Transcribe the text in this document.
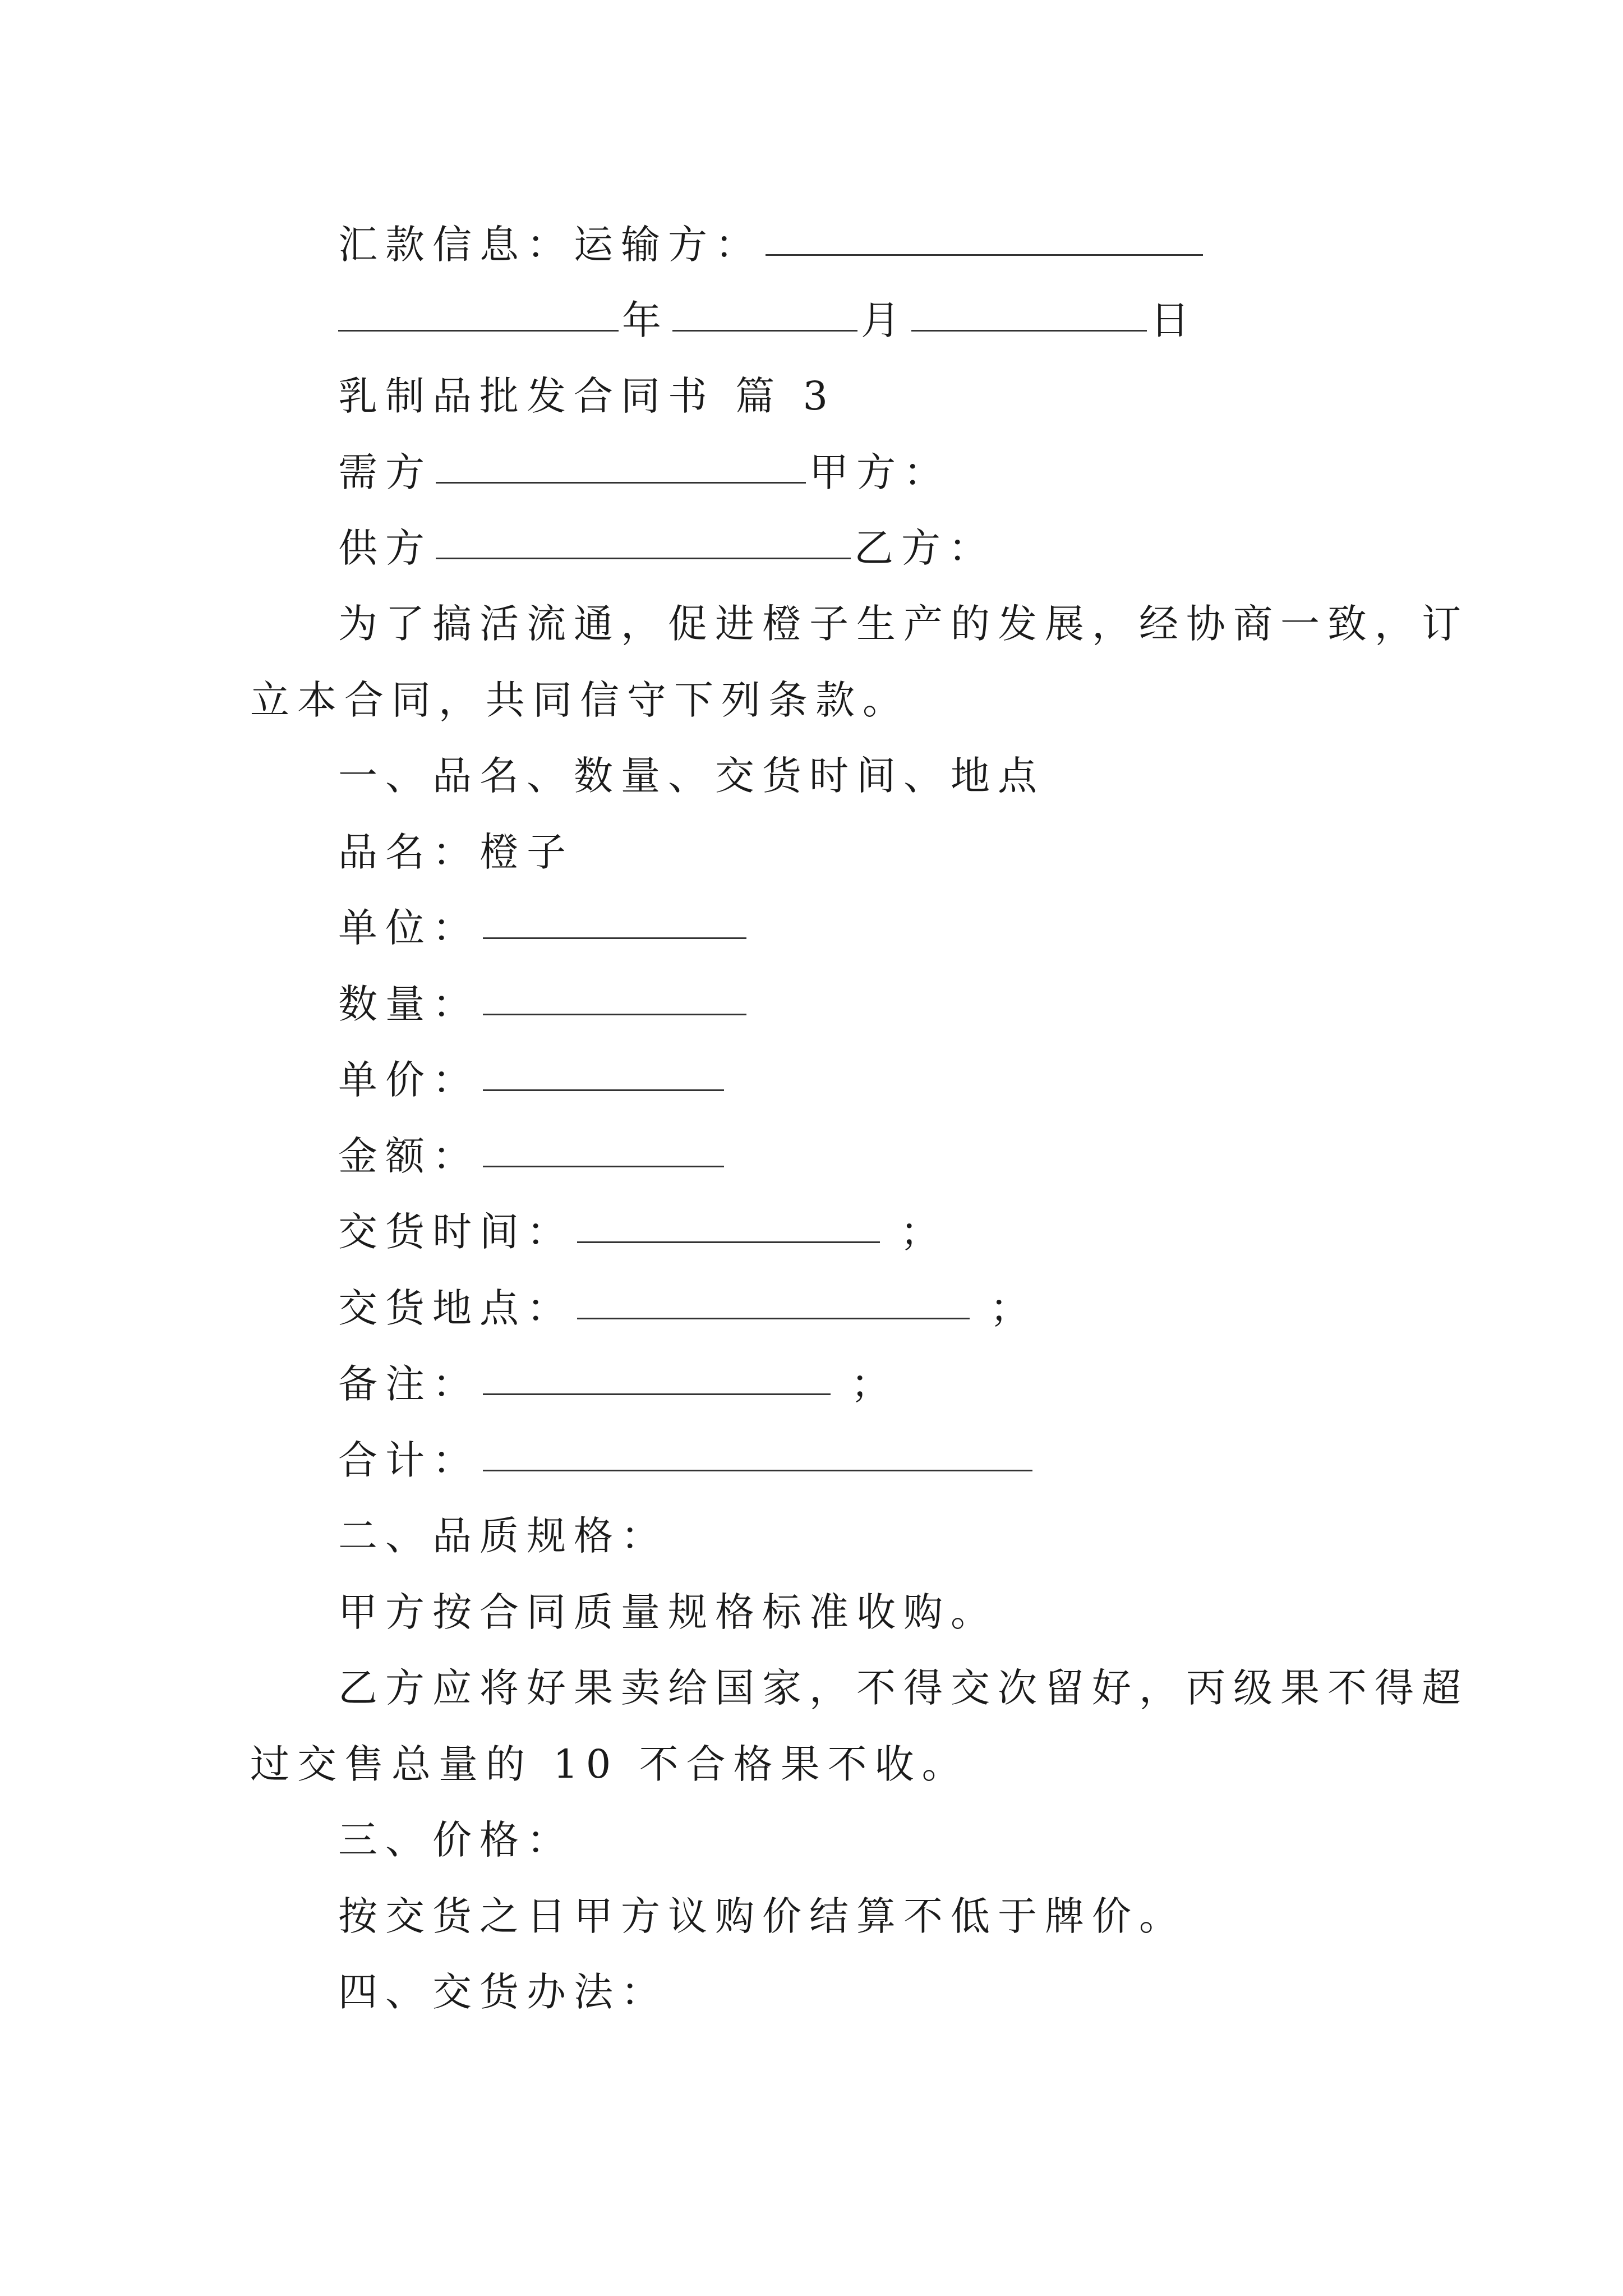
汇款信息：运输方：
年	月	日
乳制品批发合同书 篇 3
需方	甲方：
供方	乙方：
为了搞活流通，促进橙子生产的发展，经协商一致，订
立本合同，共同信守下列条款。
一、品名、数量、交货时间、地点
品名：橙子
单位：
数量：
单价：
金额：
交货时间：	；
交货地点：	；
备注：	；
合计：
二、品质规格：
甲方按合同质量规格标准收购。
乙方应将好果卖给国家，不得交次留好，丙级果不得超
过交售总量的 10 不合格果不收。
三、价格：
按交货之日甲方议购价结算不低于牌价。
四、交货办法：
